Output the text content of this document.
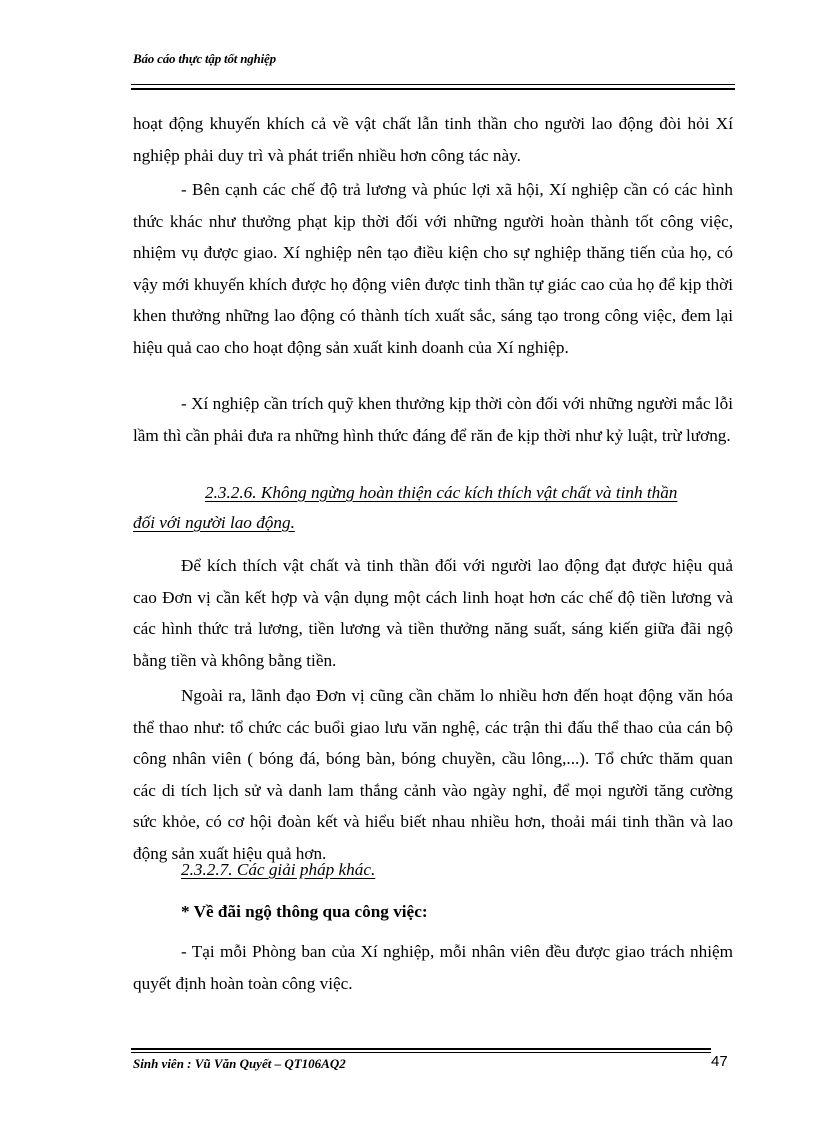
Báo cáo thực tập tốt nghiệp

hoạt động khuyến khích cả về vật chất lẫn tinh thần cho người lao động đòi hỏi Xí nghiệp phải duy trì và phát triển nhiều hơn công tác này.

- Bên cạnh các chế độ trả lương và phúc lợi xã hội, Xí nghiệp cần có các hình thức khác như thưởng phạt kịp thời đối với những người hoàn thành tốt công việc, nhiệm vụ được giao. Xí nghiệp nên tạo điều kiện cho sự nghiệp thăng tiến của họ, có vậy mới khuyến khích được họ động viên được tinh thần tự giác cao của họ để kịp thời khen thưởng những lao động có thành tích xuất sắc, sáng tạo trong công việc, đem lại hiệu quả cao cho hoạt động sản xuất kinh doanh của Xí nghiệp.

- Xí nghiệp cần trích quỹ khen thưởng kịp thời còn đối với những người mắc lỗi lầm thì cần phải đưa ra những hình thức đáng để răn đe kịp thời như kỷ luật, trừ lương.

2.3.2.6. Không ngừng hoàn thiện các kích thích vật chất và tinh thần
đối với người lao động.

Để kích thích vật chất và tinh thần đối với người lao động đạt được hiệu quả cao Đơn vị cần kết hợp và vận dụng một cách linh hoạt hơn các chế độ tiền lương và các hình thức trả lương, tiền lương và tiền thưởng năng suất, sáng kiến giữa đãi ngộ bằng tiền và không bằng tiền.

Ngoài ra, lãnh đạo Đơn vị cũng cần chăm lo nhiều hơn đến hoạt động văn hóa thể thao như: tổ chức các buổi giao lưu văn nghệ, các trận thi đấu thể thao của cán bộ công nhân viên ( bóng đá, bóng bàn, bóng chuyền, cầu lông,...). Tổ chức thăm quan các di tích lịch sử và danh lam thắng cảnh vào ngày nghỉ, để mọi người tăng cường sức khỏe, có cơ hội đoàn kết và hiểu biết nhau nhiều hơn, thoải mái tinh thần và lao động sản xuất hiệu quả hơn.

2.3.2.7. Các giải pháp khác.
* Về đãi ngộ thông qua công việc:

- Tại mỗi Phòng ban của Xí nghiệp, mỗi nhân viên đều được giao trách nhiệm quyết định hoàn toàn công việc.

Sinh viên : Vũ Văn Quyết – QT106AQ2	47
